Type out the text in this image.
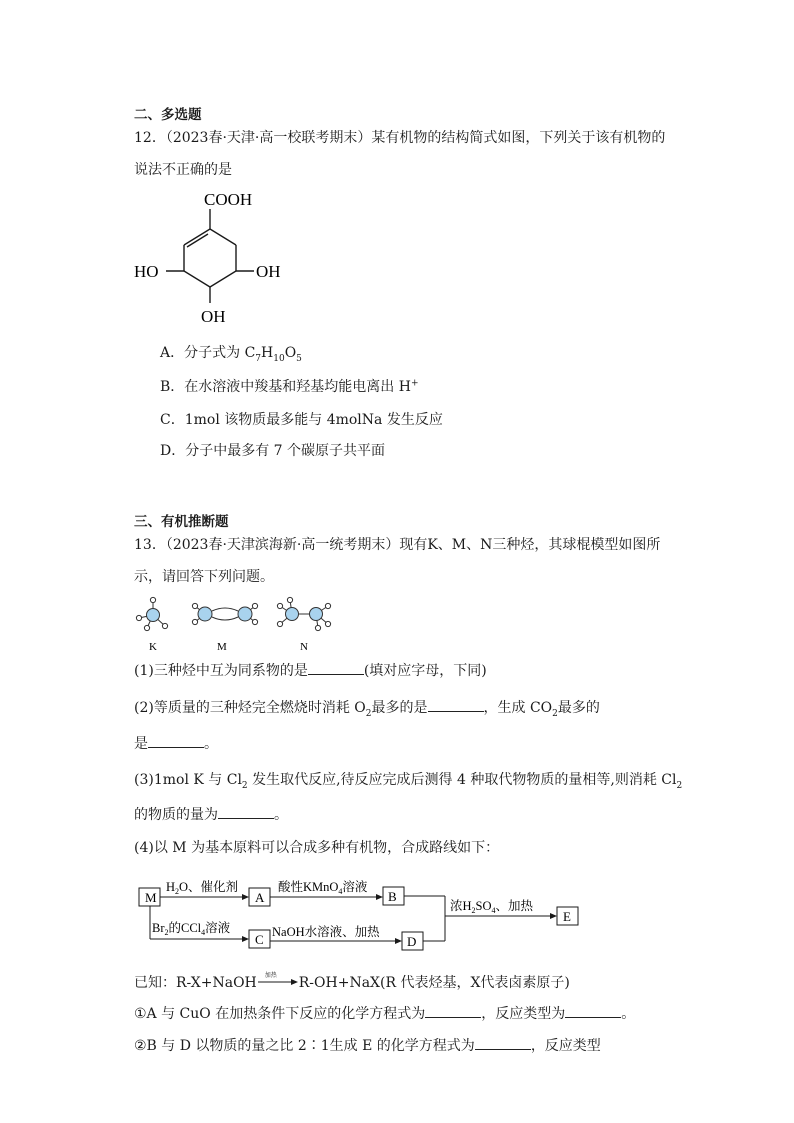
二、多选题
12．（2023春·天津·高一校联考期末）某有机物的结构简式如图，下列关于该有机物的
说法不正确的是
COOH
HO	OH
OH
A．分子式为 $C_7H_{10}O_5$
B．在水溶液中羧基和羟基均能电离出 H+
C．1mol 该物质最多能与 4molNa 发生反应
D．分子中最多有 7 个碳原子共平面
三、有机推断题
13．（2023春·天津滨海新·高一统考期末）现有K、M、N三种烃，其球棍模型如图所
示，请回答下列问题。
K	M	N
(1)三种烃中互为同系物的是	(填对应字母，下同)
(2)等质量的三种烃完全燃烧时消耗 $O_2$最多的是	，生成 $CO_2$最多的
是	。
(3)1mol K 与 $Cl_2$ 发生取代反应,待反应完成后测得 4 种取代物物质的量相等,则消耗 $Cl_2$
的物质的量为	。
(4)以 M 为基本原料可以合成多种有机物，合成路线如下：
M	A	B
C	D
E
$H_2O$、催化剂	酸性KMnO$_4$溶液
$Br_2$的CCl$_4$溶液	NaOH水溶液、加热
浓$H_2SO_4$、加热
已知：R-X+NaOH 加热 R-OH+NaX(R 代表烃基，X代表卤素原子)
①A 与 CuO 在加热条件下反应的化学方程式为	，反应类型为	。
②B 与 D 以物质的量之比 2∶1生成 E 的化学方程式为	，反应类型
